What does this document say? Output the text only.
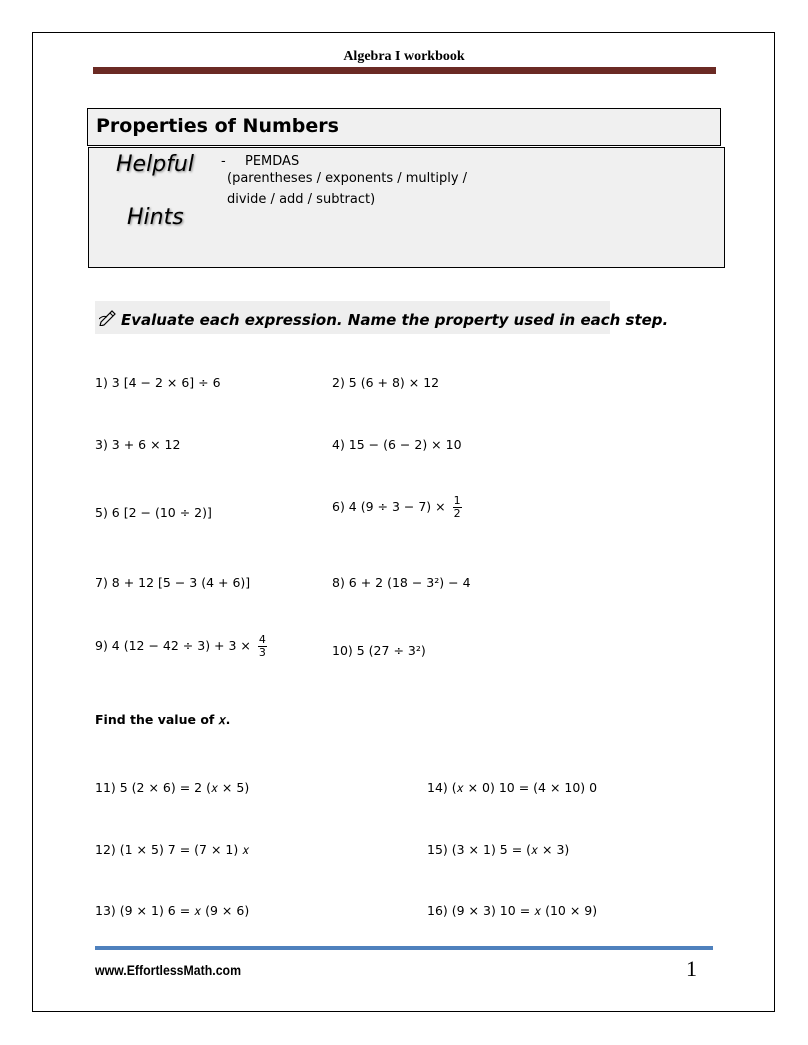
Algebra I workbook
Properties of Numbers
Helpful
Hints
- PEMDAS
(parentheses / exponents / multiply /
divide / add / subtract)
Evaluate each expression. Name the property used in each step.
1) 3 [4 − 2 × 6] ÷ 6	2) 5 (6 + 8) × 12
3) 3 + 6 × 12	4) 15 − (6 − 2) × 10
5) 6 [2 − (10 ÷ 2)]	6) 4 $(9 \div 3 - 7) \times \frac{1}{2}$
7) 8 + 12 [5 − 3 (4 + 6)]	8) 6 + 2 (18 − 3²) − 4
9) 4 $(12 - 42 \div 3) + 3 \times \frac{4}{3}$	10) 5 (27 ÷ 3²)
Find the value of 𝑥.
11) 5 (2 × 6) = 2 (𝑥 × 5)	14) (𝑥 × 0) 10 = (4 × 10) 0
12) (1 × 5) 7 = (7 × 1) 𝑥	15) (3 × 1) 5 = (𝑥 × 3)
13) (9 × 1) 6 = 𝑥 (9 × 6)	16) (9 × 3) 10 = 𝑥 (10 × 9)
www.EffortlessMath.com	1
